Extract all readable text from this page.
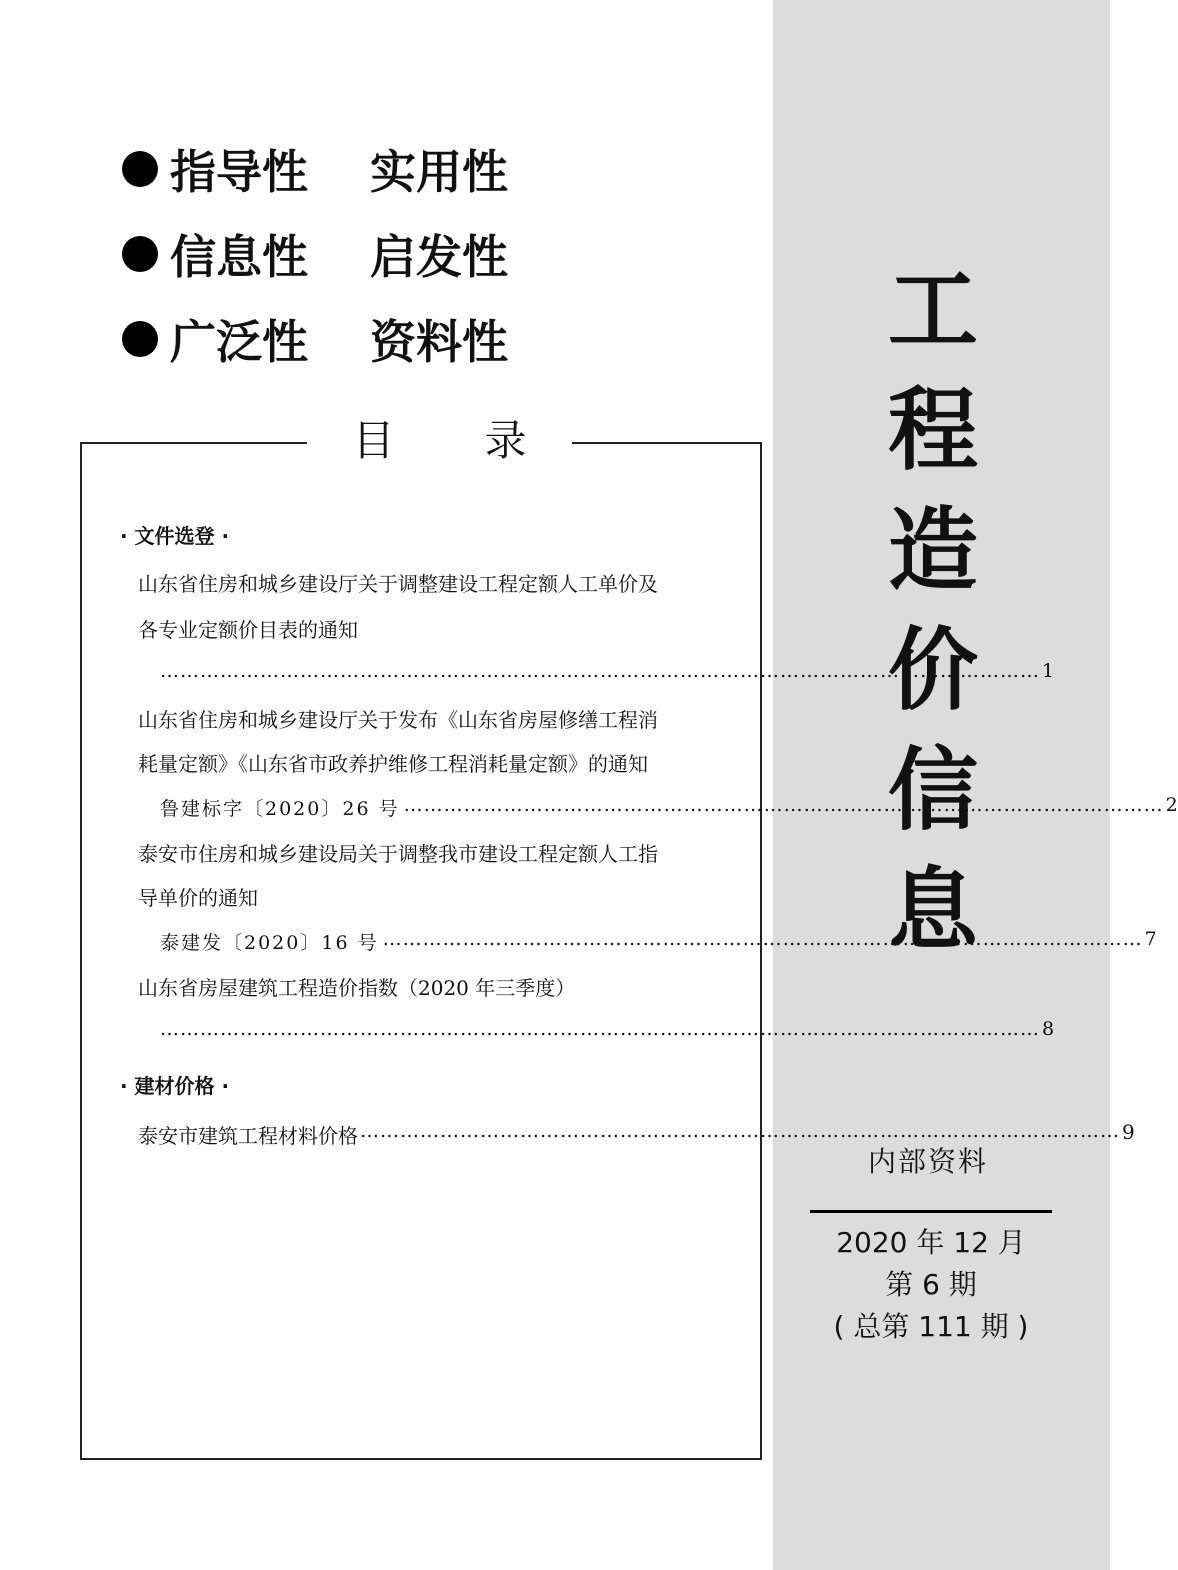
指导性	实用性
信息性	启发性
广泛性	资料性
目 录
· 文件选登 ·
山东省住房和城乡建设厅关于调整建设工程定额人工单价及
各专业定额价目表的通知
…………………………………………………………………………………………………………………… 1
山东省住房和城乡建设厅关于发布《山东省房屋修缮工程消
耗量定额》《山东省市政养护维修工程消耗量定额》的通知
鲁建标字〔2020〕26 号 …………………………………………………………………………………………………… 2
泰安市住房和城乡建设局关于调整我市建设工程定额人工指
导单价的通知
泰建发〔2020〕16 号 …………………………………………………………………………………………………… 7
山东省房屋建筑工程造价指数（2020 年三季度）
…………………………………………………………………………………………………………………… 8
· 建材价格 ·
泰安市建筑工程材料价格 …………………………………………………………………………………………………… 9
工
程
造
价
信
息
内部资料
2020 年 12 月
第 6 期
( 总第 111 期 )
